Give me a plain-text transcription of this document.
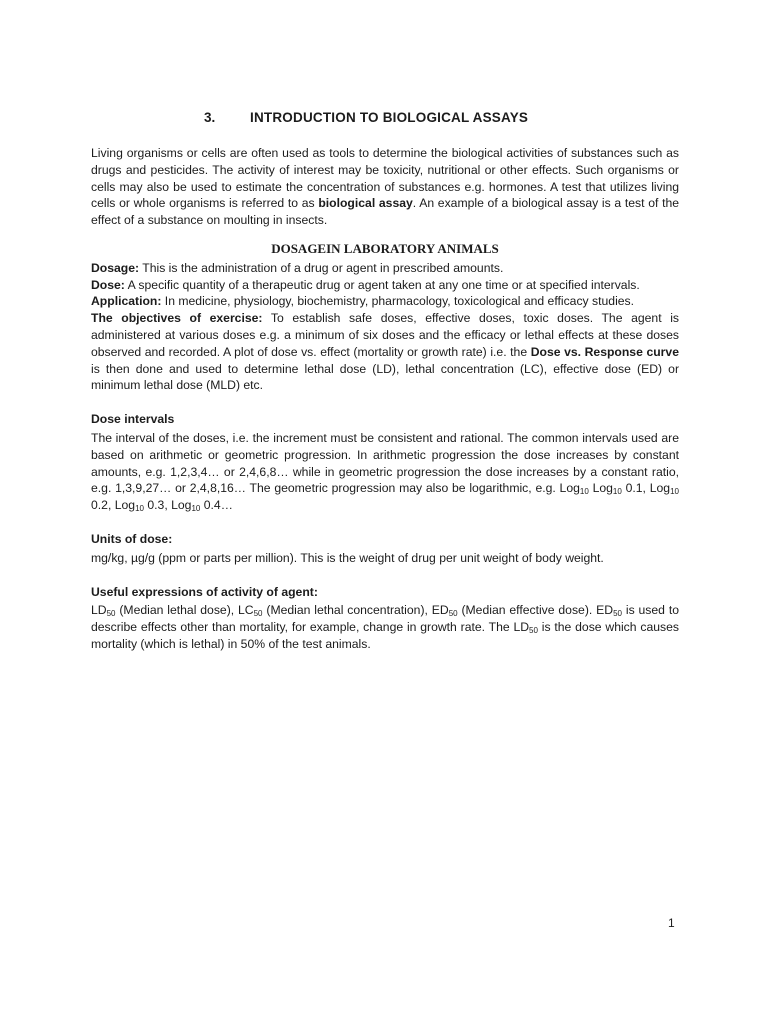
3.	INTRODUCTION TO BIOLOGICAL ASSAYS

Living organisms or cells are often used as tools to determine the biological activities of substances such as drugs and pesticides. The activity of interest may be toxicity, nutritional or other effects. Such organisms or cells may also be used to estimate the concentration of substances e.g. hormones. A test that utilizes living cells or whole organisms is referred to as biological assay. An example of a biological assay is a test of the effect of a substance on moulting in insects.

DOSAGEIN LABORATORY ANIMALS

Dosage: This is the administration of a drug or agent in prescribed amounts.

Dose: A specific quantity of a therapeutic drug or agent taken at any one time or at specified intervals.

Application: In medicine, physiology, biochemistry, pharmacology, toxicological and efficacy studies.

The objectives of exercise: To establish safe doses, effective doses, toxic doses. The agent is administered at various doses e.g. a minimum of six doses and the efficacy or lethal effects at these doses observed and recorded. A plot of dose vs. effect (mortality or growth rate) i.e. the Dose vs. Response curve is then done and used to determine lethal dose (LD), lethal concentration (LC), effective dose (ED) or minimum lethal dose (MLD) etc.

Dose intervals

The interval of the doses, i.e. the increment must be consistent and rational. The common intervals used are based on arithmetic or geometric progression. In arithmetic progression the dose increases by constant amounts, e.g. 1,2,3,4… or 2,4,6,8… while in geometric progression the dose increases by a constant ratio, e.g. 1,3,9,27… or 2,4,8,16… The geometric progression may also be logarithmic, e.g. Log$_{10}$ Log$_{10}$ 0.1, Log$_{10}$ 0.2, Log$_{10}$ 0.3, Log$_{10}$ 0.4…

Units of dose:

mg/kg, µg/g (ppm or parts per million). This is the weight of drug per unit weight of body weight.

Useful expressions of activity of agent:

$LD_{50}$ (Median lethal dose), $LC_{50}$ (Median lethal concentration), $ED_{50}$ (Median effective dose). $ED_{50}$ is used to describe effects other than mortality, for example, change in growth rate. The $LD_{50}$ is the dose which causes mortality (which is lethal) in 50% of the test animals.

1
